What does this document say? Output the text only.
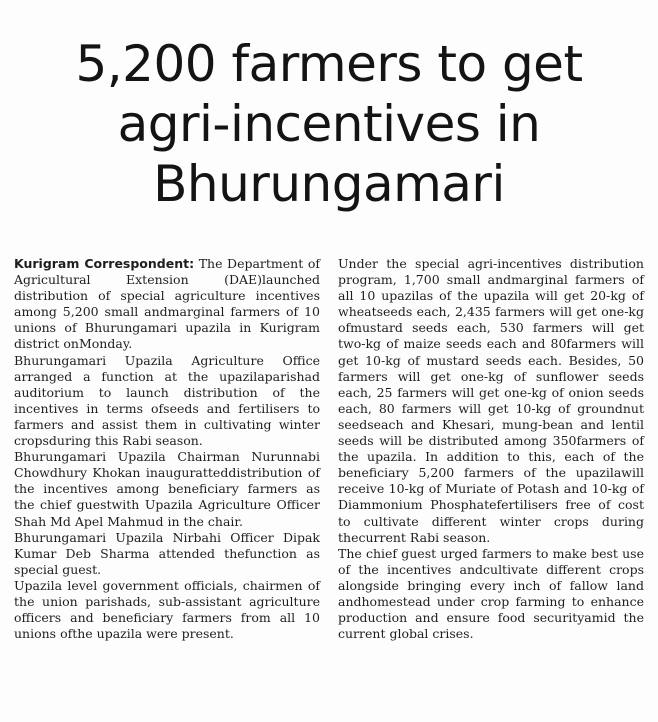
5,200 farmers to get agri-incentives in Bhurungamari

Kurigram Correspondent: The Department of Agricultural Extension (DAE)launched distribution of special agriculture incentives among 5,200 small andmarginal farmers of 10 unions of Bhurungamari upazila in Kurigram district onMonday.

Bhurungamari Upazila Agriculture Office arranged a function at the upazilaparishad auditorium to launch distribution of the incentives in terms ofseeds and fertilisers to farmers and assist them in cultivating winter cropsduring this Rabi season.

Bhurungamari Upazila Chairman Nurunnabi Chowdhury Khokan inauguratteddistribution of the incentives among beneficiary farmers as the chief guestwith Upazila Agriculture Officer Shah Md Apel Mahmud in the chair.

Bhurungamari Upazila Nirbahi Officer Dipak Kumar Deb Sharma attended thefunction as special guest.

Upazila level government officials, chairmen of the union parishads, sub-assistant agriculture officers and beneficiary farmers from all 10 unions ofthe upazila were present.

Under the special agri-incentives distribution program, 1,700 small andmarginal farmers of all 10 upazilas of the upazila will get 20-kg of wheatseeds each, 2,435 farmers will get one-kg ofmustard seeds each, 530 farmers will get two-kg of maize seeds each and 80farmers will get 10-kg of mustard seeds each. Besides, 50 farmers will get one-kg of sunflower seeds each, 25 farmers will get one-kg of onion seeds each, 80 farmers will get 10-kg of groundnut seedseach and Khesari, mung-bean and lentil seeds will be distributed among 350farmers of the upazila. In addition to this, each of the beneficiary 5,200 farmers of the upazilawill receive 10-kg of Muriate of Potash and 10-kg of Diammonium Phosphatefertilisers free of cost to cultivate different winter crops during thecurrent Rabi season.

The chief guest urged farmers to make best use of the incentives andcultivate different crops alongside bringing every inch of fallow land andhomestead under crop farming to enhance production and ensure food securityamid the current global crises.
